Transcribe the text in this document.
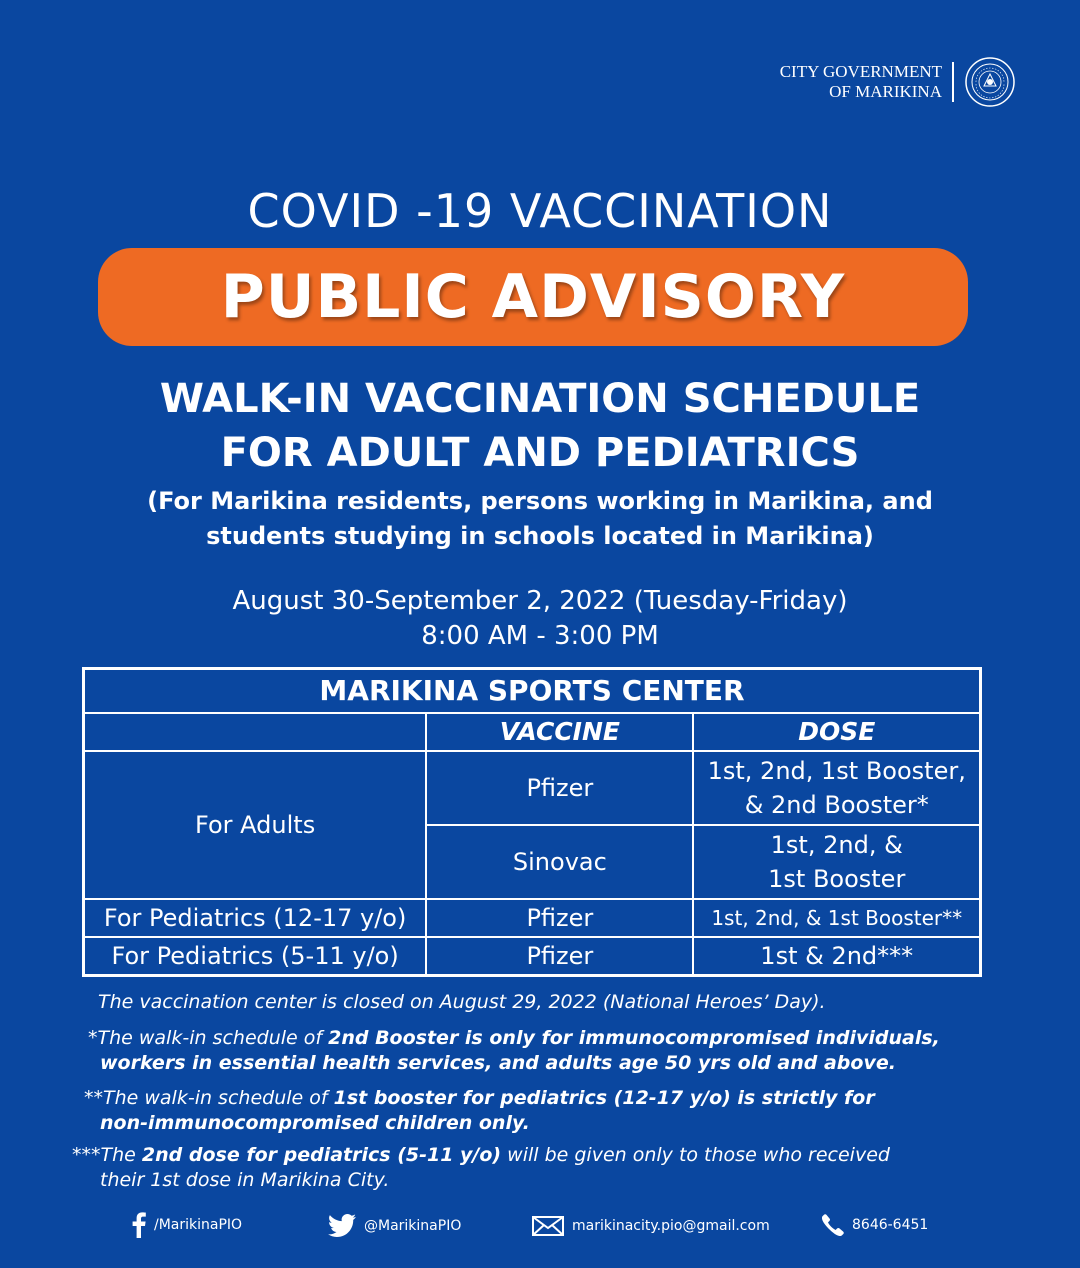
CITY GOVERNMENT
OF MARIKINA
COVID -19 VACCINATION
PUBLIC ADVISORY
WALK-IN VACCINATION SCHEDULE
FOR ADULT AND PEDIATRICS
(For Marikina residents, persons working in Marikina, and
students studying in schools located in Marikina)
August 30-September 2, 2022 (Tuesday-Friday)
8:00 AM - 3:00 PM
MARIKINA SPORTS CENTER		
	VACCINE	DOSE
For Adults	Pfizer	1st, 2nd, 1st Booster,
& 2nd Booster*

	Sinovac	1st, 2nd, &
1st Booster

For Pediatrics (12-17 y/o)	Pfizer	1st, 2nd, & 1st Booster**
For Pediatrics (5-11 y/o)	Pfizer	1st & 2nd***

The vaccination center is closed on August 29, 2022 (National Heroes’ Day).

*The walk-in schedule of 2nd Booster is only for immunocompromised individuals,

workers in essential health services, and adults age 50 yrs old and above.

**The walk-in schedule of 1st booster for pediatrics (12-17 y/o) is strictly for

non-immunocompromised children only.

***The 2nd dose for pediatrics (5-11 y/o) will be given only to those who received

their 1st dose in Marikina City.

/MarikinaPIO	@MarikinaPIO	marikinacity.pio@gmail.com	8646-6451
